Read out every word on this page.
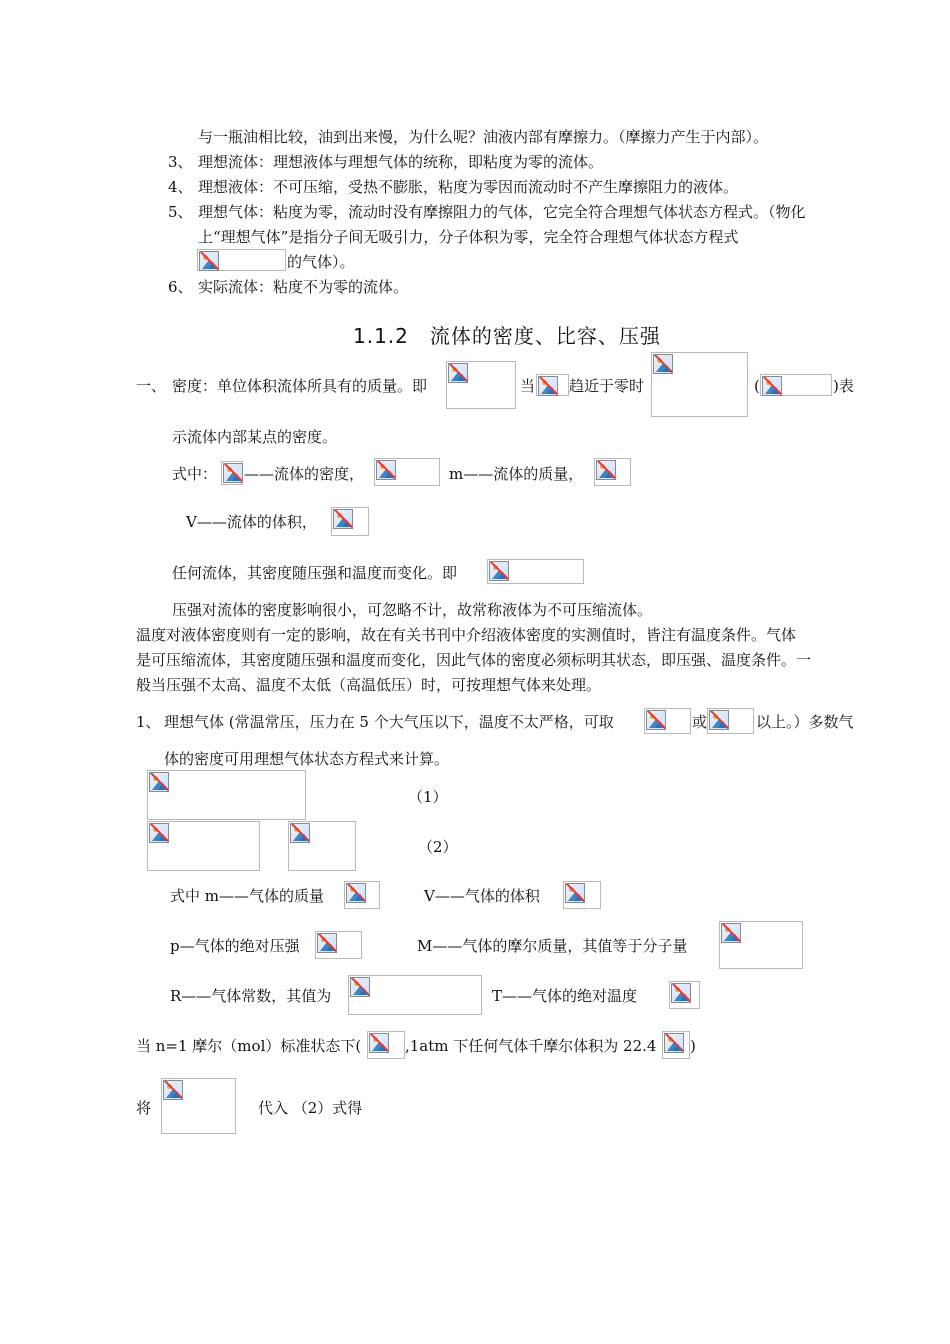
与一瓶油相比较，油到出来慢，为什么呢？油液内部有摩擦力。（摩擦力产生于内部）。
3、 理想流体：理想液体与理想气体的统称，即粘度为零的流体。
4、 理想液体：不可压缩，受热不膨胀，粘度为零因而流动时不产生摩擦阻力的液体。
5、 理想气体：粘度为零，流动时没有摩擦阻力的气体，它完全符合理想气体状态方程式。（物化
上“理想气体”是指分子间无吸引力，分子体积为零，完全符合理想气体状态方程式
的气体）。
6、 实际流体：粘度不为零的流体。
1.1.2　流体的密度、比容、压强
一、 密度：单位体积流体所具有的质量。即	当 趋近于零时	(	)表
示流体内部某点的密度。
式中： ——流体的密度，	m——流体的质量，
V——流体的体积，
任何流体，其密度随压强和温度而变化。即
压强对流体的密度影响很小，可忽略不计，故常称液体为不可压缩流体。
温度对液体密度则有一定的影响，故在有关书刊中介绍液体密度的实测值时，皆注有温度条件。气体
是可压缩流体，其密度随压强和温度而变化，因此气体的密度必须标明其状态，即压强、温度条件。一
般当压强不太高、温度不太低（高温低压）时，可按理想气体来处理。
1、 理想气体 (常温常压，压力在 5 个大气压以下，温度不太严格，可取	或	以上。）多数气
体的密度可用理想气体状态方程式来计算。
（1）
（2）
式中 m——气体的质量	V——气体的体积
p—气体的绝对压强	M——气体的摩尔质量，其值等于分子量
R——气体常数，其值为	T——气体的绝对温度
当 n=1 摩尔（mol）标准状态下(	,1atm 下任何气体千摩尔体积为 22.4 )
将	代入 （2）式得
